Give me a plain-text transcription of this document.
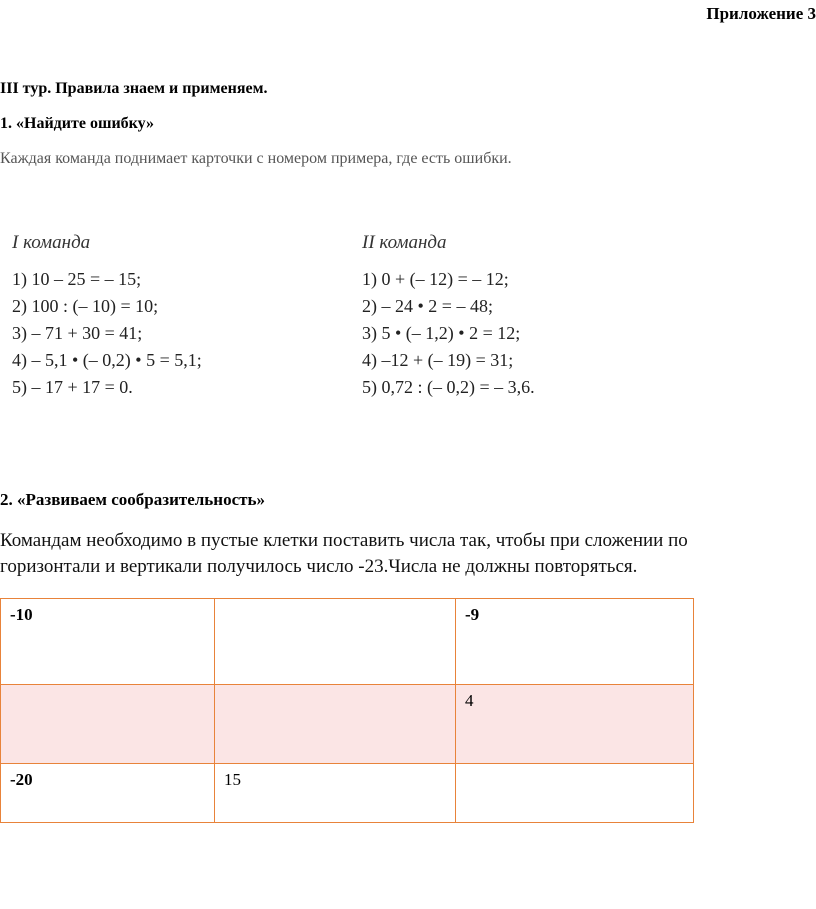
Приложение 3
III тур. Правила знаем и применяем.
1. «Найдите ошибку»
Каждая команда поднимает карточки с номером примера, где есть ошибки.
I команда
1) 10 – 25 = – 15;
2) 100 : (– 10) = 10;
3) – 71 + 30 = 41;
4) – 5,1 • (– 0,2) • 5 = 5,1;
5) – 17 + 17 = 0.
II команда
1) 0 + (– 12) = – 12;
2) – 24 • 2 = – 48;
3) 5 • (– 1,2) • 2 = 12;
4) –12 + (– 19) = 31;
5) 0,72 : (– 0,2) = – 3,6.
2. «Развиваем сообразительность»
Командам необходимо в пустые клетки поставить числа так, чтобы при сложении по горизонтали и вертикали получилось число -23.Числа не должны повторяться.
-10		-9
		4
-20	15	
